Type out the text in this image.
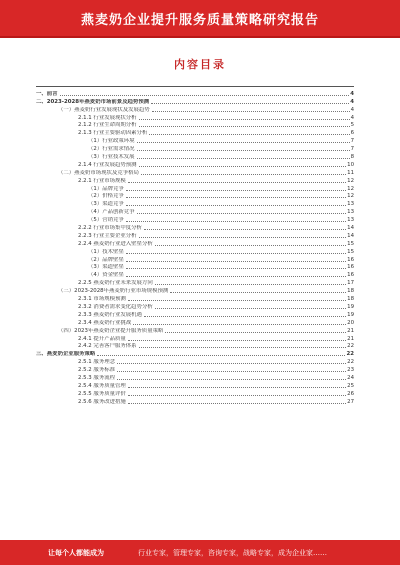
燕麦奶企业提升服务质量策略研究报告
内容目录
一、前言	4
二、2023-2028年燕麦奶市场前景及趋势预测	4
（一）燕麦奶行业发展现状及发展趋势	4
2.1.1 行业发展现状分析	4
2.1.2 行业生命周期分析	5
2.1.3 行业主要驱动因素分析	6
（1）行业政策环境	7
（2）行业需求情况	7
（3）行业技术发展	8
2.1.4 行业发展趋势预测	10
（二）燕麦奶市场现状及竞争格局	11
2.2.1 行业市场规模	12
（1）品牌竞争	12
（2）价格竞争	12
（3）渠道竞争	13
（4）产品创新竞争	13
（5）营销竞争	13
2.2.2 行业市场集中度分析	14
2.2.3 行业主要企业分析	14
2.2.4 燕麦奶行业进入壁垒分析	15
（1）技术壁垒	15
（2）品牌壁垒	16
（3）渠道壁垒	16
（4）资金壁垒	16
2.2.5 燕麦奶行业未来发展方向	17
（三）2023-2028年燕麦奶行业市场规模预测	18
2.3.1 市场规模预测	18
2.3.2 消费者需求变化趋势分析	19
2.3.3 燕麦奶行业发展机遇	19
2.3.4 燕麦奶行业挑战	20
（四）2023年燕麦奶企业提升服务质量策略	21
2.4.1 提升产品质量	21
2.4.2 完善客户服务体系	22
三、燕麦奶企业服务策略	22
2.5.1 服务理念	22
2.5.2 服务标准	23
2.5.3 服务流程	24
2.5.4 服务质量管理	25
2.5.5 服务质量评价	26
2.5.6 服务改进措施	27
让每个人都能成为	行业专家，管理专家，咨询专家，战略专家，成为企业家……
